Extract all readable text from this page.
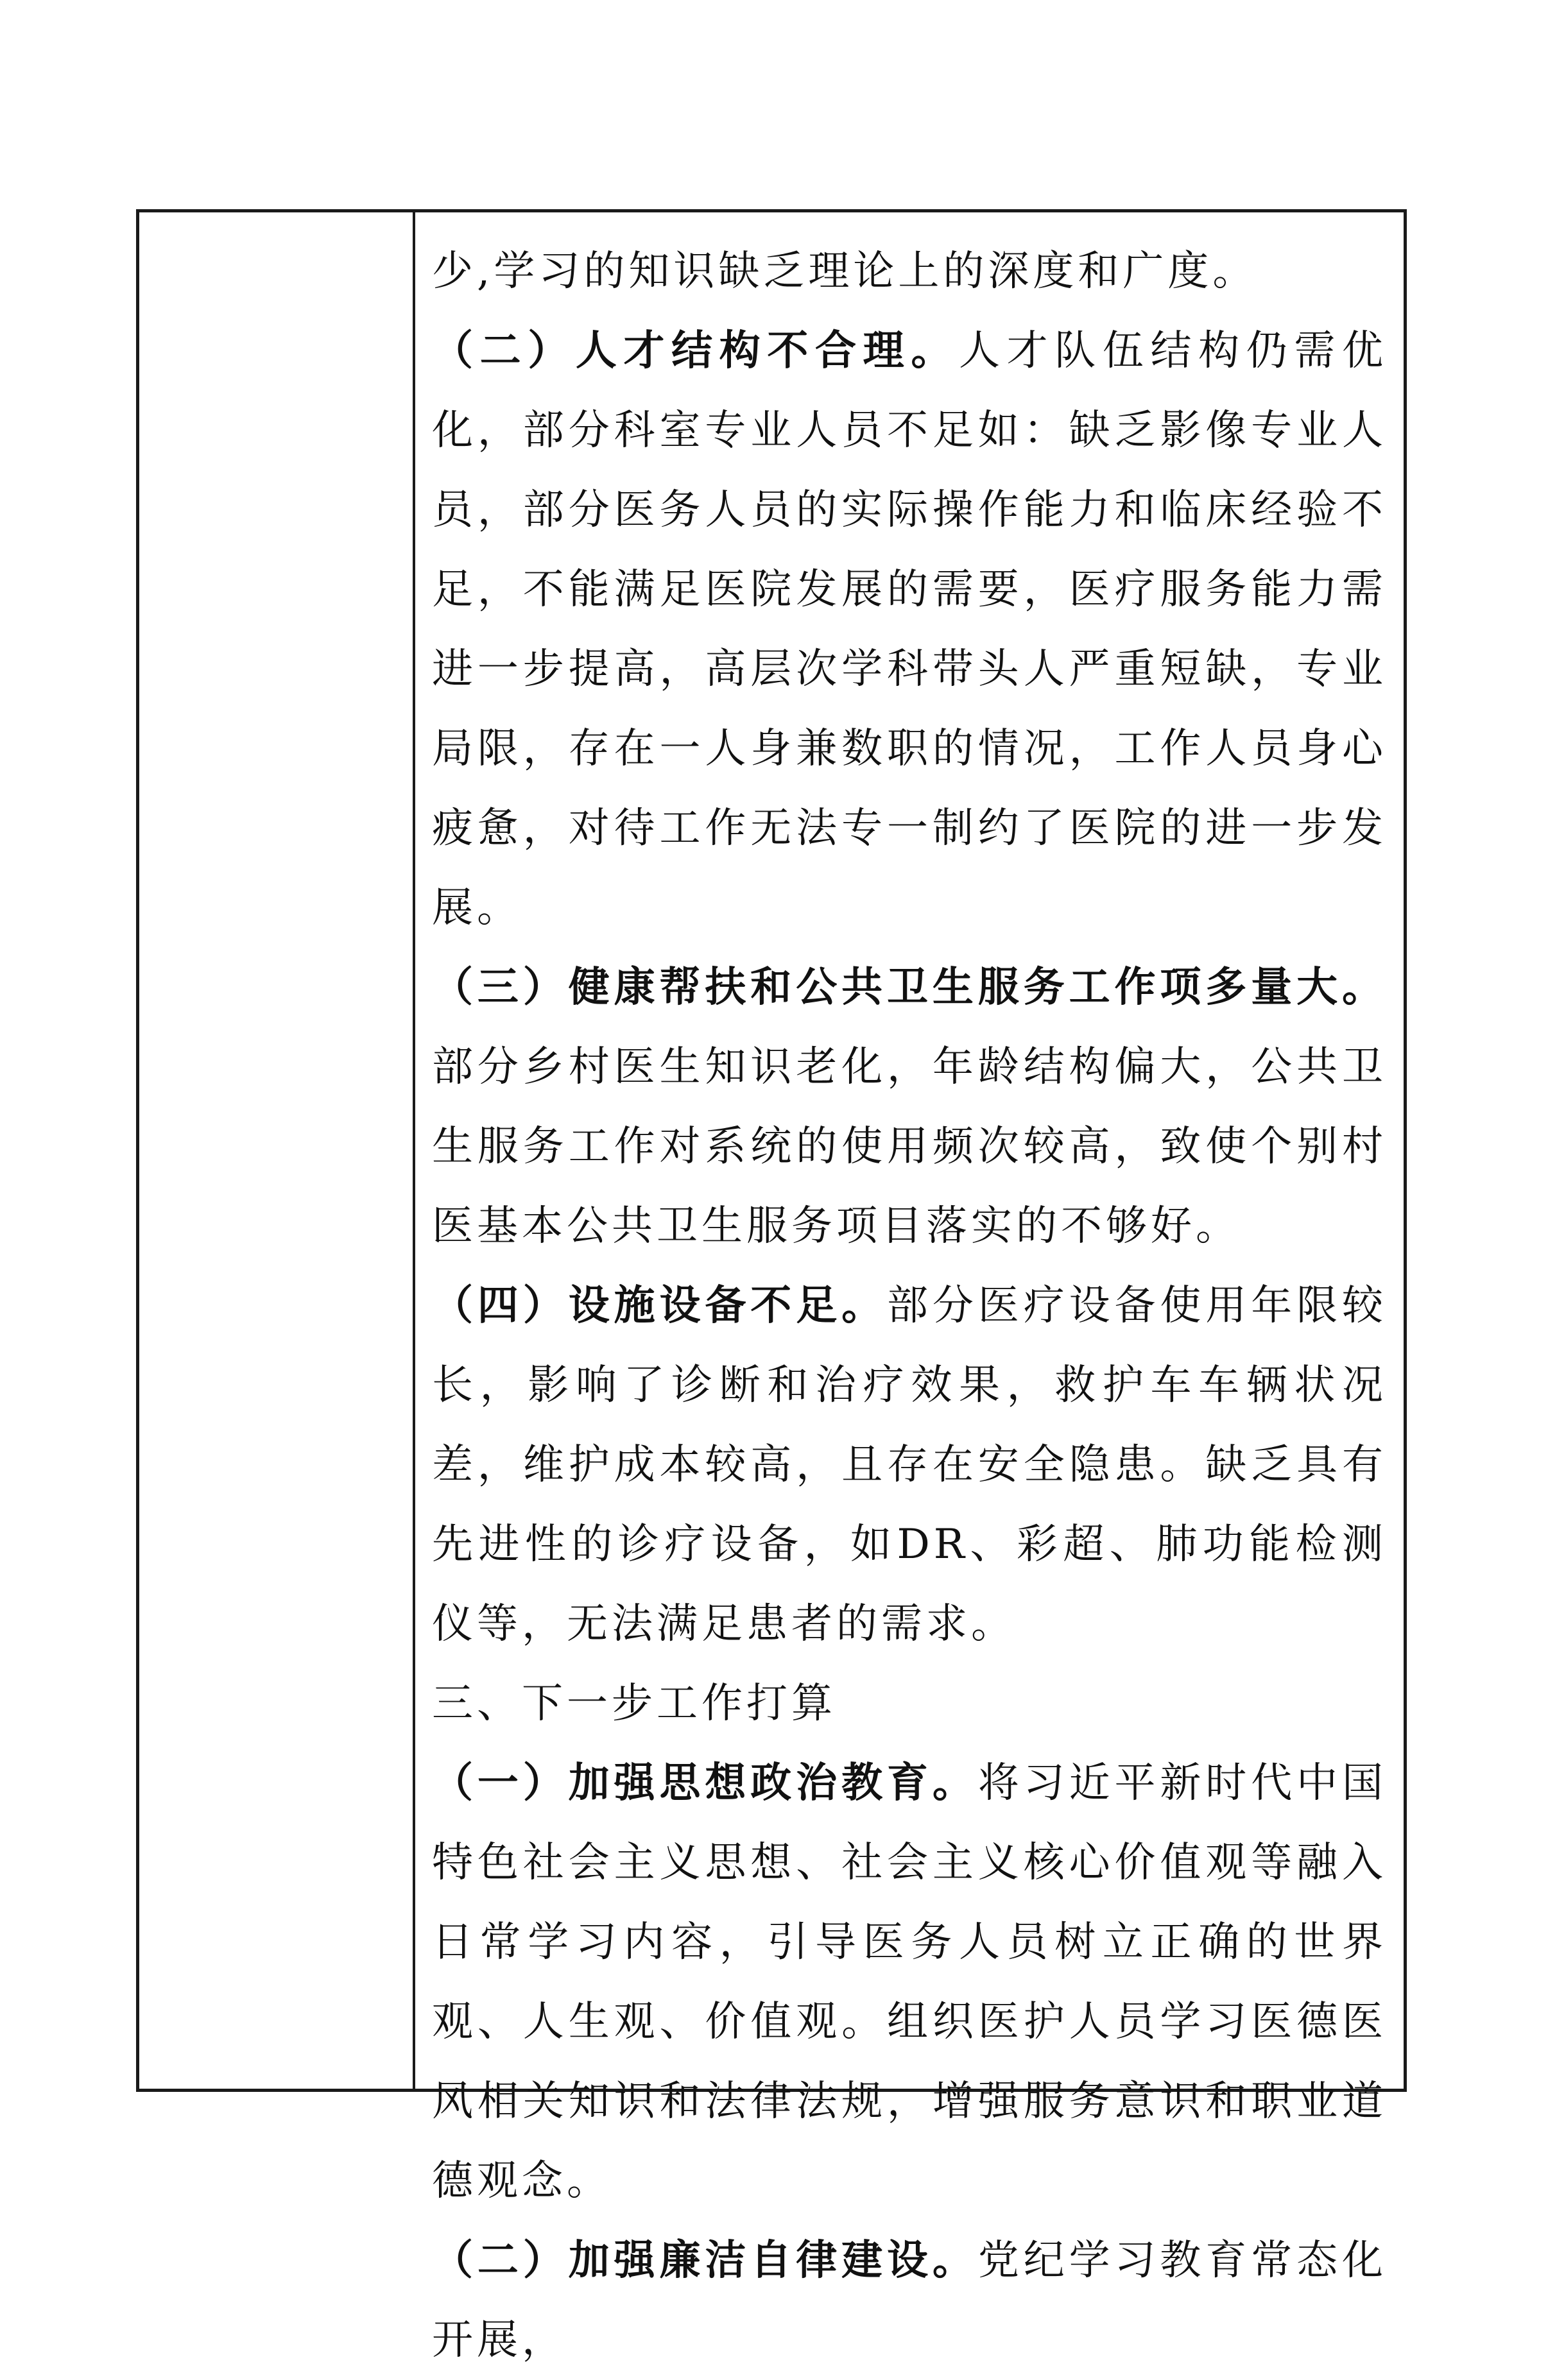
少,学习的知识缺乏理论上的深度和广度。

（二）人才结构不合理。人才队伍结构仍需优化，部分科室专业人员不足如：缺乏影像专业人员，部分医务人员的实际操作能力和临床经验不足，不能满足医院发展的需要，医疗服务能力需进一步提高，高层次学科带头人严重短缺，专业局限，存在一人身兼数职的情况，工作人员身心疲惫，对待工作无法专一制约了医院的进一步发展。

（三）健康帮扶和公共卫生服务工作项多量大。部分乡村医生知识老化，年龄结构偏大，公共卫生服务工作对系统的使用频次较高，致使个别村医基本公共卫生服务项目落实的不够好。

（四）设施设备不足。部分医疗设备使用年限较长，影响了诊断和治疗效果，救护车车辆状况差，维护成本较高，且存在安全隐患。缺乏具有先进性的诊疗设备，如DR、彩超、肺功能检测仪等，无法满足患者的需求。

三、下一步工作打算

（一）加强思想政治教育。将习近平新时代中国特色社会主义思想、社会主义核心价值观等融入日常学习内容，引导医务人员树立正确的世界观、人生观、价值观。组织医护人员学习医德医风相关知识和法律法规，增强服务意识和职业道德观念。

（二）加强廉洁自律建设。党纪学习教育常态化开展，
